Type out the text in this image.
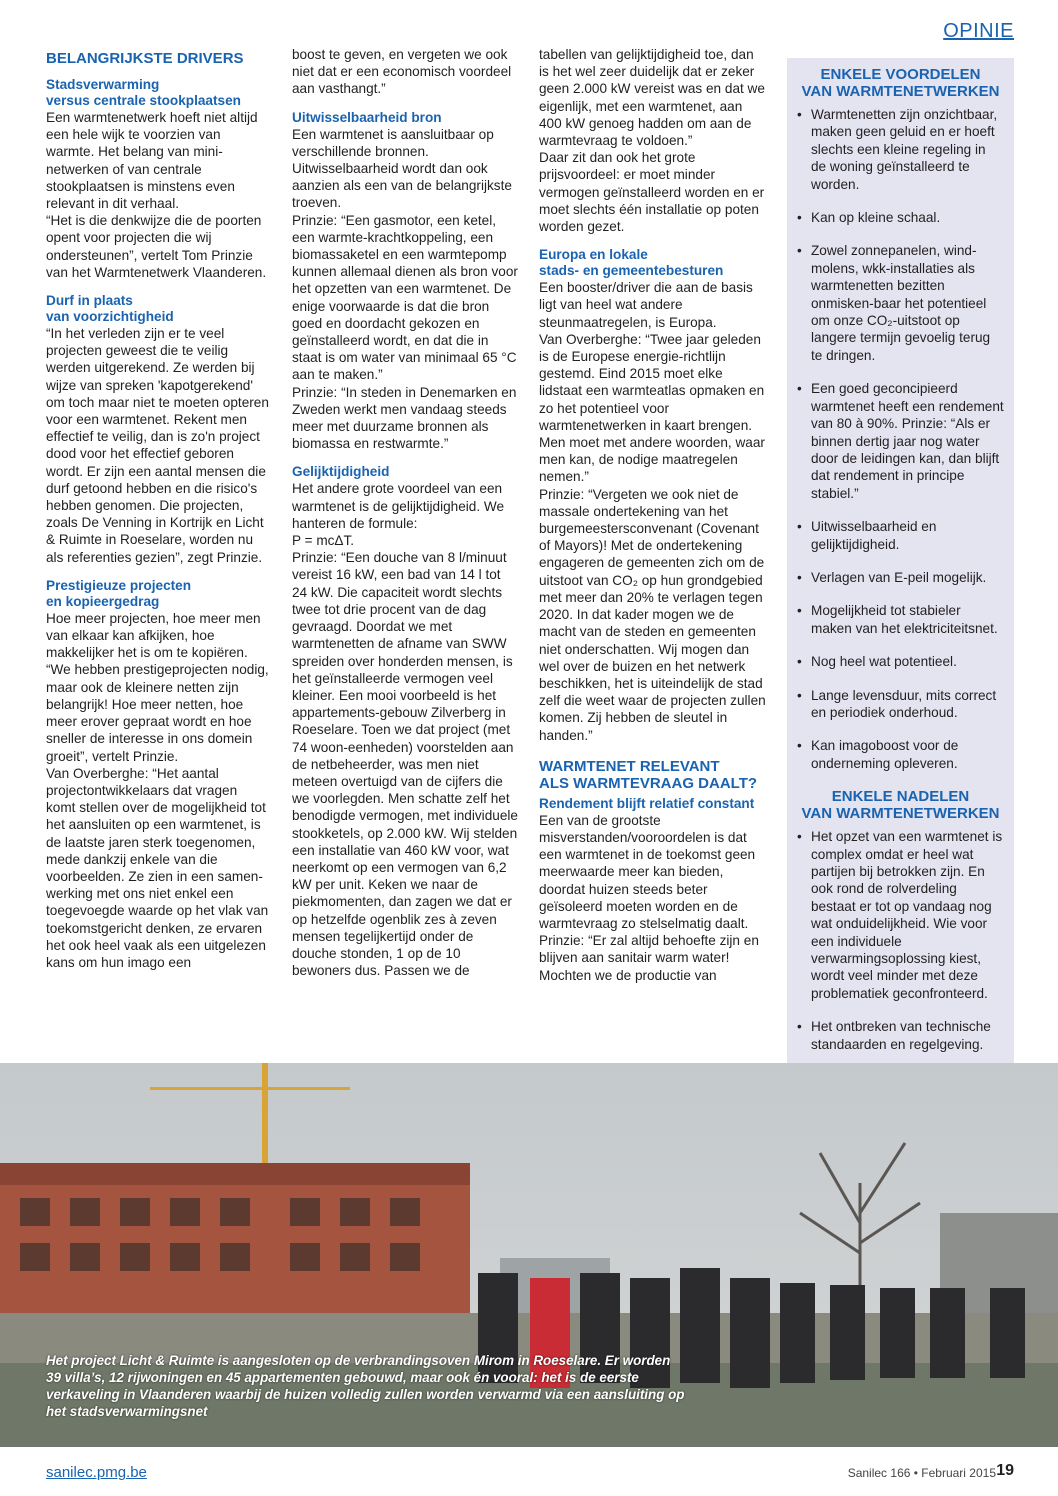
OPINIE
BELANGRIJKSTE DRIVERS
Stadsverwarming
versus centrale stookplaatsen
Een warmtenetwerk hoeft niet altijd een hele wijk te voorzien van warmte. Het belang van mini-netwerken of van centrale stookplaatsen is minstens even relevant in dit verhaal.
“Het is die denkwijze die de poorten opent voor projecten die wij ondersteunen”, vertelt Tom Prinzie van het Warmtenetwerk Vlaanderen.
Durf in plaats
van voorzichtigheid
“In het verleden zijn er te veel projecten geweest die te veilig werden uitgerekend. Ze werden bij wijze van spreken 'kapotgerekend' om toch maar niet te moeten opteren voor een warmtenet. Rekent men effectief te veilig, dan is zo'n project dood voor het effectief geboren wordt. Er zijn een aantal mensen die durf getoond hebben en die risico's hebben genomen. Die projecten, zoals De Venning in Kortrijk en Licht & Ruimte in Roeselare, worden nu als referenties gezien”, zegt Prinzie.
Prestigieuze projecten
en kopieergedrag
Hoe meer projecten, hoe meer men van elkaar kan afkijken, hoe makkelijker het is om te kopiëren.
“We hebben prestigeprojecten nodig, maar ook de kleinere netten zijn belangrijk! Hoe meer netten, hoe meer erover gepraat wordt en hoe sneller de interesse in ons domein groeit”, vertelt Prinzie.
Van Overberghe: “Het aantal projectontwikkelaars dat vragen komt stellen over de mogelijkheid tot het aansluiten op een warmtenet, is de laatste jaren sterk toegenomen, mede dankzij enkele van die voorbeelden. Ze zien in een samen-werking met ons niet enkel een toegevoegde waarde op het vlak van toekomstgericht denken, ze ervaren het ook heel vaak als een uitgelezen kans om hun imago een
boost te geven, en vergeten we ook niet dat er een economisch voordeel aan vasthangt.”
Uitwisselbaarheid bron
Een warmtenet is aansluitbaar op verschillende bronnen. Uitwisselbaarheid wordt dan ook aanzien als een van de belangrijkste troeven.
Prinzie: “Een gasmotor, een ketel, een warmte-krachtkoppeling, een biomassaketel en een warmtepomp kunnen allemaal dienen als bron voor het opzetten van een warmtenet. De enige voorwaarde is dat die bron goed en doordacht gekozen en geïnstalleerd wordt, en dat die in staat is om water van minimaal 65 °C aan te maken.”
Prinzie: “In steden in Denemarken en Zweden werkt men vandaag steeds meer met duurzame bronnen als biomassa en restwarmte.”
Gelijktijdigheid
Het andere grote voordeel van een warmtenet is de gelijktijdigheid. We hanteren de formule:
P = mcΔT.
Prinzie: “Een douche van 8 l/minuut vereist 16 kW, een bad van 14 l tot 24 kW. Die capaciteit wordt slechts twee tot drie procent van de dag gevraagd. Doordat we met warmtenetten de afname van SWW spreiden over honderden mensen, is het geïnstalleerde vermogen veel kleiner. Een mooi voorbeeld is het appartements-gebouw Zilverberg in Roeselare. Toen we dat project (met 74 woon-eenheden) voorstelden aan de netbeheerder, was men niet meteen overtuigd van de cijfers die we voorlegden. Men schatte zelf het benodigde vermogen, met individuele stookketels, op 2.000 kW. Wij stelden een installatie van 460 kW voor, wat neerkomt op een vermogen van 6,2 kW per unit. Keken we naar de piekmomenten, dan zagen we dat er op hetzelfde ogenblik zes à zeven mensen tegelijkertijd onder de douche stonden, 1 op de 10 bewoners dus. Passen we de
tabellen van gelijktijdigheid toe, dan is het wel zeer duidelijk dat er zeker geen 2.000 kW vereist was en dat we eigenlijk, met een warmtenet, aan 400 kW genoeg hadden om aan de warmtevraag te voldoen.”
Daar zit dan ook het grote prijsvoordeel: er moet minder vermogen geïnstalleerd worden en er moet slechts één installatie op poten worden gezet.
Europa en lokale
stads- en gemeentebesturen
Een booster/driver die aan de basis ligt van heel wat andere steunmaatregelen, is Europa.
Van Overberghe: “Twee jaar geleden is de Europese energie-richtlijn gestemd. Eind 2015 moet elke lidstaat een warmteatlas opmaken en zo het potentieel voor warmtenetwerken in kaart brengen. Men moet met andere woorden, waar men kan, de nodige maatregelen nemen.”
Prinzie: “Vergeten we ook niet de massale ondertekening van het burgemeestersconvenant (Covenant of Mayors)! Met de ondertekening engageren de gemeenten zich om de uitstoot van CO₂ op hun grondgebied met meer dan 20% te verlagen tegen 2020. In dat kader mogen we de macht van de steden en gemeenten niet onderschatten. Wij mogen dan wel over de buizen en het netwerk beschikken, het is uiteindelijk de stad zelf die weet waar de projecten zullen komen. Zij hebben de sleutel in handen.”
WARMTENET RELEVANT
ALS WARMTEVRAAG DAALT?
Rendement blijft relatief constant
Een van de grootste misverstanden/vooroordelen is dat een warmtenet in de toekomst geen meerwaarde meer kan bieden, doordat huizen steeds beter geïsoleerd moeten worden en de warmtevraag zo stelselmatig daalt.
Prinzie: “Er zal altijd behoefte zijn en blijven aan sanitair warm water! Mochten we de productie van
ENKELE VOORDELEN
VAN WARMTENETWERKEN
• Warmtenetten zijn onzichtbaar, maken geen geluid en er hoeft slechts een kleine regeling in de woning geïnstalleerd te worden.
• Kan op kleine schaal.
• Zowel zonnepanelen, wind-molens, wkk-installaties als warmtenetten bezitten onmisken-baar het potentieel om onze CO₂-uitstoot op langere termijn gevoelig terug te dringen.
• Een goed geconcipieerd warmtenet heeft een rendement van 80 à 90%. Prinzie: “Als er binnen dertig jaar nog water door de leidingen kan, dan blijft dat rendement in principe stabiel.”
• Uitwisselbaarheid en gelijktijdigheid.
• Verlagen van E-peil mogelijk.
• Mogelijkheid tot stabieler maken van het elektriciteitsnet.
• Nog heel wat potentieel.
• Lange levensduur, mits correct en periodiek onderhoud.
• Kan imagoboost voor de onderneming opleveren.
ENKELE NADELEN
VAN WARMTENETWERKEN
• Het opzet van een warmtenet is complex omdat er heel wat partijen bij betrokken zijn. En ook rond de rolverdeling bestaat er tot op vandaag nog wat onduidelijkheid. Wie voor een individuele verwarmingsoplossing kiest, wordt veel minder met deze problematiek geconfronteerd.
• Het ontbreken van technische standaarden en regelgeving.
•
Het project Licht & Ruimte is aangesloten op de verbrandingsoven Mirom in Roeselare. Er worden 39 villa’s, 12 rijwoningen en 45 appartementen gebouwd, maar ook én vooral: het is de eerste verkaveling in Vlaanderen waarbij de huizen volledig zullen worden verwarmd via een aansluiting op het stadsverwarmingsnet
sanilec.pmg.be	Sanilec 166 • Februari 2015 19
